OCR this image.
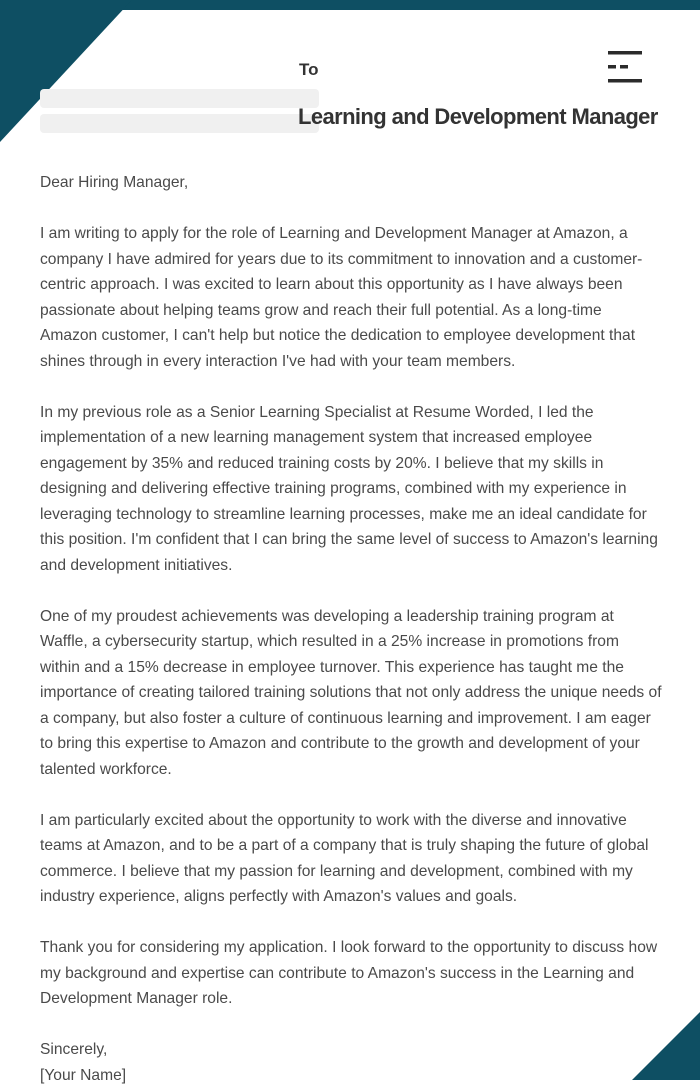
To
Learning and Development Manager

Dear Hiring Manager,

I am writing to apply for the role of Learning and Development Manager at Amazon, a company I have admired for years due to its commitment to innovation and a customer-centric approach. I was excited to learn about this opportunity as I have always been passionate about helping teams grow and reach their full potential. As a long-time Amazon customer, I can't help but notice the dedication to employee development that shines through in every interaction I've had with your team members.

In my previous role as a Senior Learning Specialist at Resume Worded, I led the implementation of a new learning management system that increased employee engagement by 35% and reduced training costs by 20%. I believe that my skills in designing and delivering effective training programs, combined with my experience in leveraging technology to streamline learning processes, make me an ideal candidate for this position. I'm confident that I can bring the same level of success to Amazon's learning and development initiatives.

One of my proudest achievements was developing a leadership training program at Waffle, a cybersecurity startup, which resulted in a 25% increase in promotions from within and a 15% decrease in employee turnover. This experience has taught me the importance of creating tailored training solutions that not only address the unique needs of a company, but also foster a culture of continuous learning and improvement. I am eager to bring this expertise to Amazon and contribute to the growth and development of your talented workforce.

I am particularly excited about the opportunity to work with the diverse and innovative teams at Amazon, and to be a part of a company that is truly shaping the future of global commerce. I believe that my passion for learning and development, combined with my industry experience, aligns perfectly with Amazon's values and goals.

Thank you for considering my application. I look forward to the opportunity to discuss how my background and expertise can contribute to Amazon's success in the Learning and Development Manager role.

Sincerely,

[Your Name]
